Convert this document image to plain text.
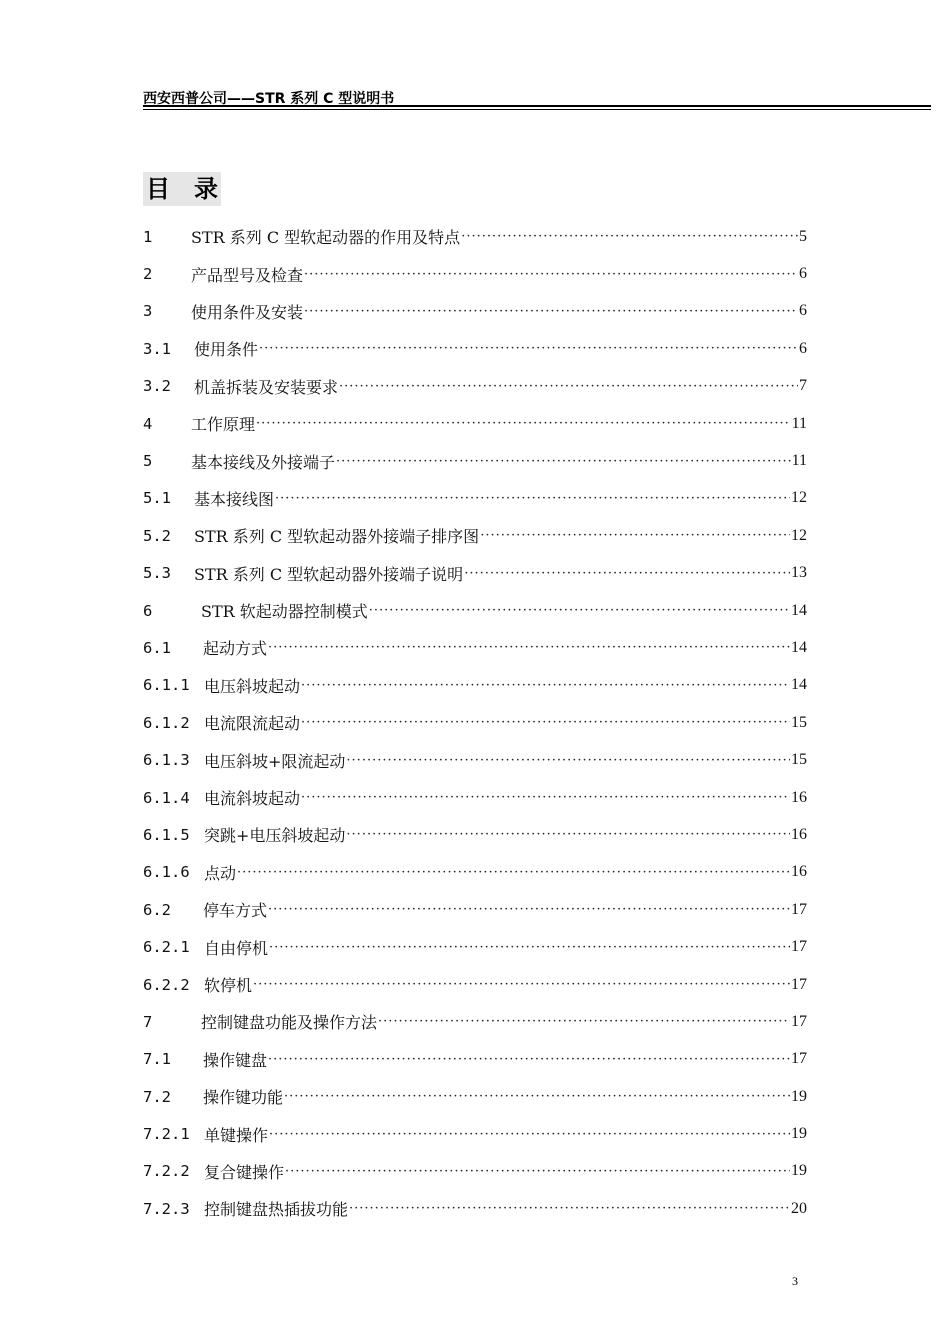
西安西普公司——STR 系列 C 型说明书
目　录
1	STR 系列 C 型软起动器的作用及特点 ·····	5
2	产品型号及检查 ·····	6
3	使用条件及安装 ·····	6
3.1	使用条件 ·····	6
3.2	机盖拆装及安装要求 ·····	7
4	工作原理 ·····	11
5	基本接线及外接端子 ·····	11
5.1	基本接线图 ·····	12
5.2	STR 系列 C 型软起动器外接端子排序图 ·····	12
5.3	STR 系列 C 型软起动器外接端子说明 ·····	13
6	STR 软起动器控制模式 ·····	14
6.1	起动方式 ·····	14
6.1.1 电压斜坡起动 ·····	14
6.1.2 电流限流起动 ·····	15
6.1.3 电压斜坡+限流起动 ·····	15
6.1.4 电流斜坡起动 ·····	16
6.1.5 突跳+电压斜坡起动 ·····	16
6.1.6 点动 ·····	16
6.2	停车方式 ·····	17
6.2.1 自由停机 ·····	17
6.2.2 软停机 ·····	17
7	控制键盘功能及操作方法 ·····	17
7.1	操作键盘 ·····	17
7.2	操作键功能 ·····	19
7.2.1 单键操作 ·····	19
7.2.2 复合键操作 ·····	19
7.2.3 控制键盘热插拔功能 ·····	20
3
